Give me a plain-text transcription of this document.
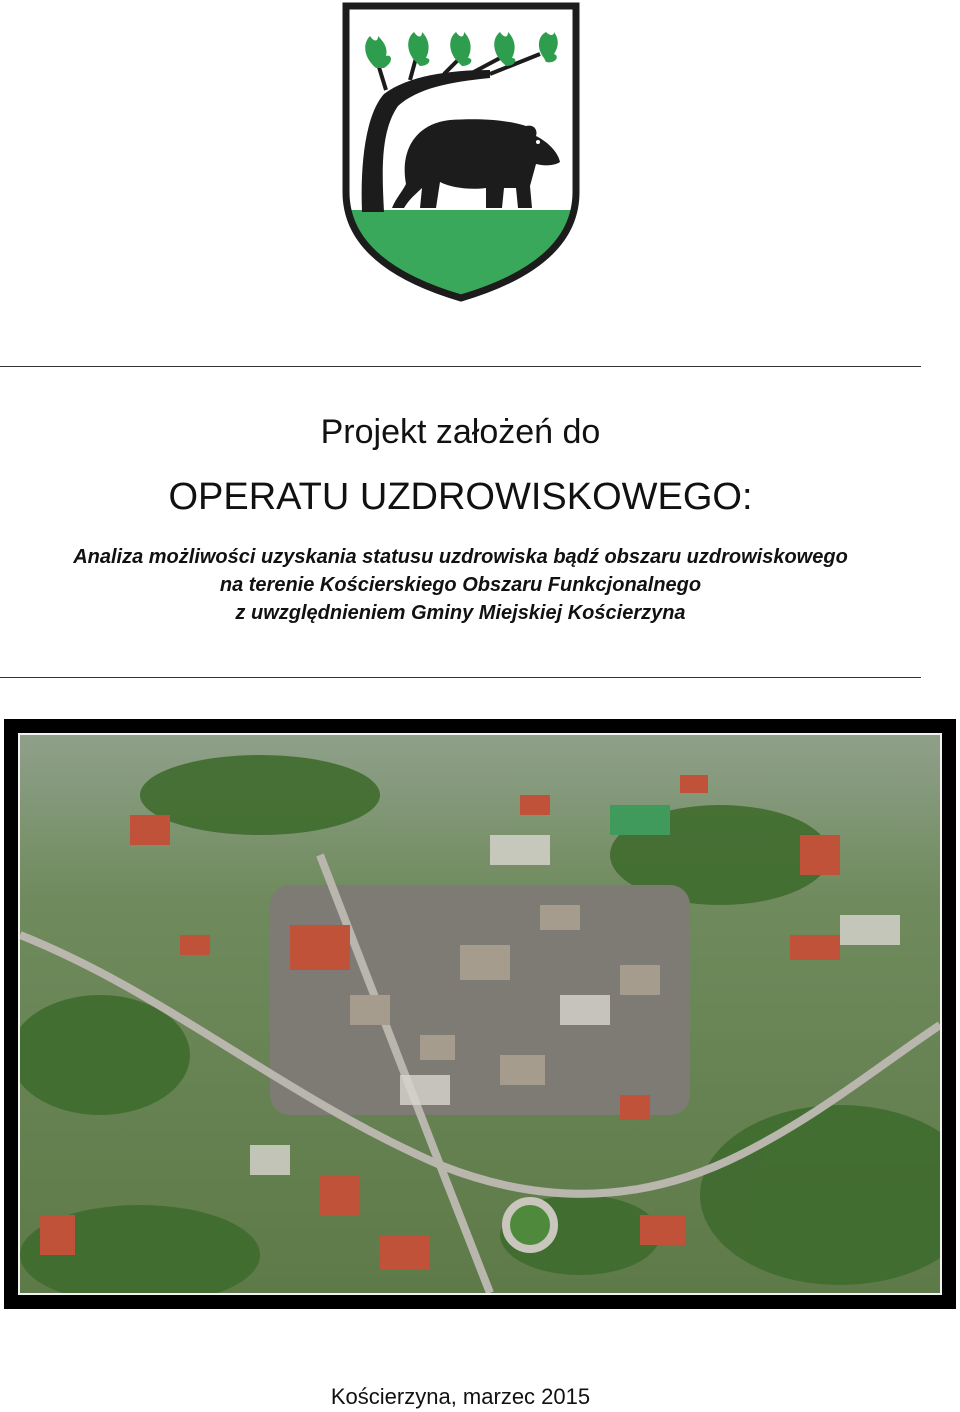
Projekt założeń do
OPERATU UZDROWISKOWEGO:
Analiza możliwości uzyskania statusu uzdrowiska bądź obszaru uzdrowiskowego
na terenie Kościerskiego Obszaru Funkcjonalnego
z uwzględnieniem Gminy Miejskiej Kościerzyna
Kościerzyna, marzec 2015
